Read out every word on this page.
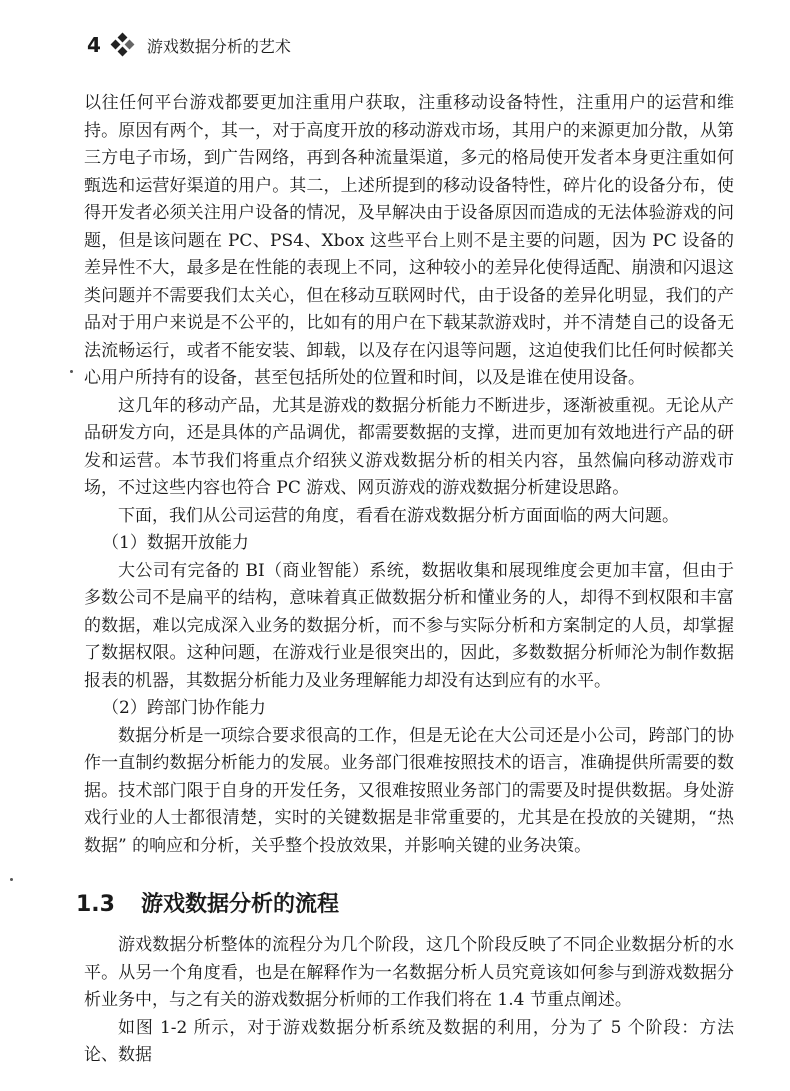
4	游戏数据分析的艺术

以往任何平台游戏都要更加注重用户获取，注重移动设备特性，注重用户的运营和维持。原因有两个，其一，对于高度开放的移动游戏市场，其用户的来源更加分散，从第三方电子市场，到广告网络，再到各种流量渠道，多元的格局使开发者本身更注重如何甄选和运营好渠道的用户。其二，上述所提到的移动设备特性，碎片化的设备分布，使得开发者必须关注用户设备的情况，及早解决由于设备原因而造成的无法体验游戏的问题，但是该问题在 PC、PS4、Xbox 这些平台上则不是主要的问题，因为 PC 设备的差异性不大，最多是在性能的表现上不同，这种较小的差异化使得适配、崩溃和闪退这类问题并不需要我们太关心，但在移动互联网时代，由于设备的差异化明显，我们的产品对于用户来说是不公平的，比如有的用户在下载某款游戏时，并不清楚自己的设备无法流畅运行，或者不能安装、卸载，以及存在闪退等问题，这迫使我们比任何时候都关心用户所持有的设备，甚至包括所处的位置和时间，以及是谁在使用设备。

这几年的移动产品，尤其是游戏的数据分析能力不断进步，逐渐被重视。无论从产品研发方向，还是具体的产品调优，都需要数据的支撑，进而更加有效地进行产品的研发和运营。本节我们将重点介绍狭义游戏数据分析的相关内容，虽然偏向移动游戏市场，不过这些内容也符合 PC 游戏、网页游戏的游戏数据分析建设思路。

下面，我们从公司运营的角度，看看在游戏数据分析方面面临的两大问题。

（1）数据开放能力

大公司有完备的 BI（商业智能）系统，数据收集和展现维度会更加丰富，但由于多数公司不是扁平的结构，意味着真正做数据分析和懂业务的人，却得不到权限和丰富的数据，难以完成深入业务的数据分析，而不参与实际分析和方案制定的人员，却掌握了数据权限。这种问题，在游戏行业是很突出的，因此，多数数据分析师沦为制作数据报表的机器，其数据分析能力及业务理解能力却没有达到应有的水平。

（2）跨部门协作能力

数据分析是一项综合要求很高的工作，但是无论在大公司还是小公司，跨部门的协作一直制约数据分析能力的发展。业务部门很难按照技术的语言，准确提供所需要的数据。技术部门限于自身的开发任务，又很难按照业务部门的需要及时提供数据。身处游戏行业的人士都很清楚，实时的关键数据是非常重要的，尤其是在投放的关键期，“热数据” 的响应和分析，关乎整个投放效果，并影响关键的业务决策。

1.3 游戏数据分析的流程

游戏数据分析整体的流程分为几个阶段，这几个阶段反映了不同企业数据分析的水平。从另一个角度看，也是在解释作为一名数据分析人员究竟该如何参与到游戏数据分析业务中，与之有关的游戏数据分析师的工作我们将在 1.4 节重点阐述。

如图 1-2 所示，对于游戏数据分析系统及数据的利用，分为了 5 个阶段：方法论、数据
